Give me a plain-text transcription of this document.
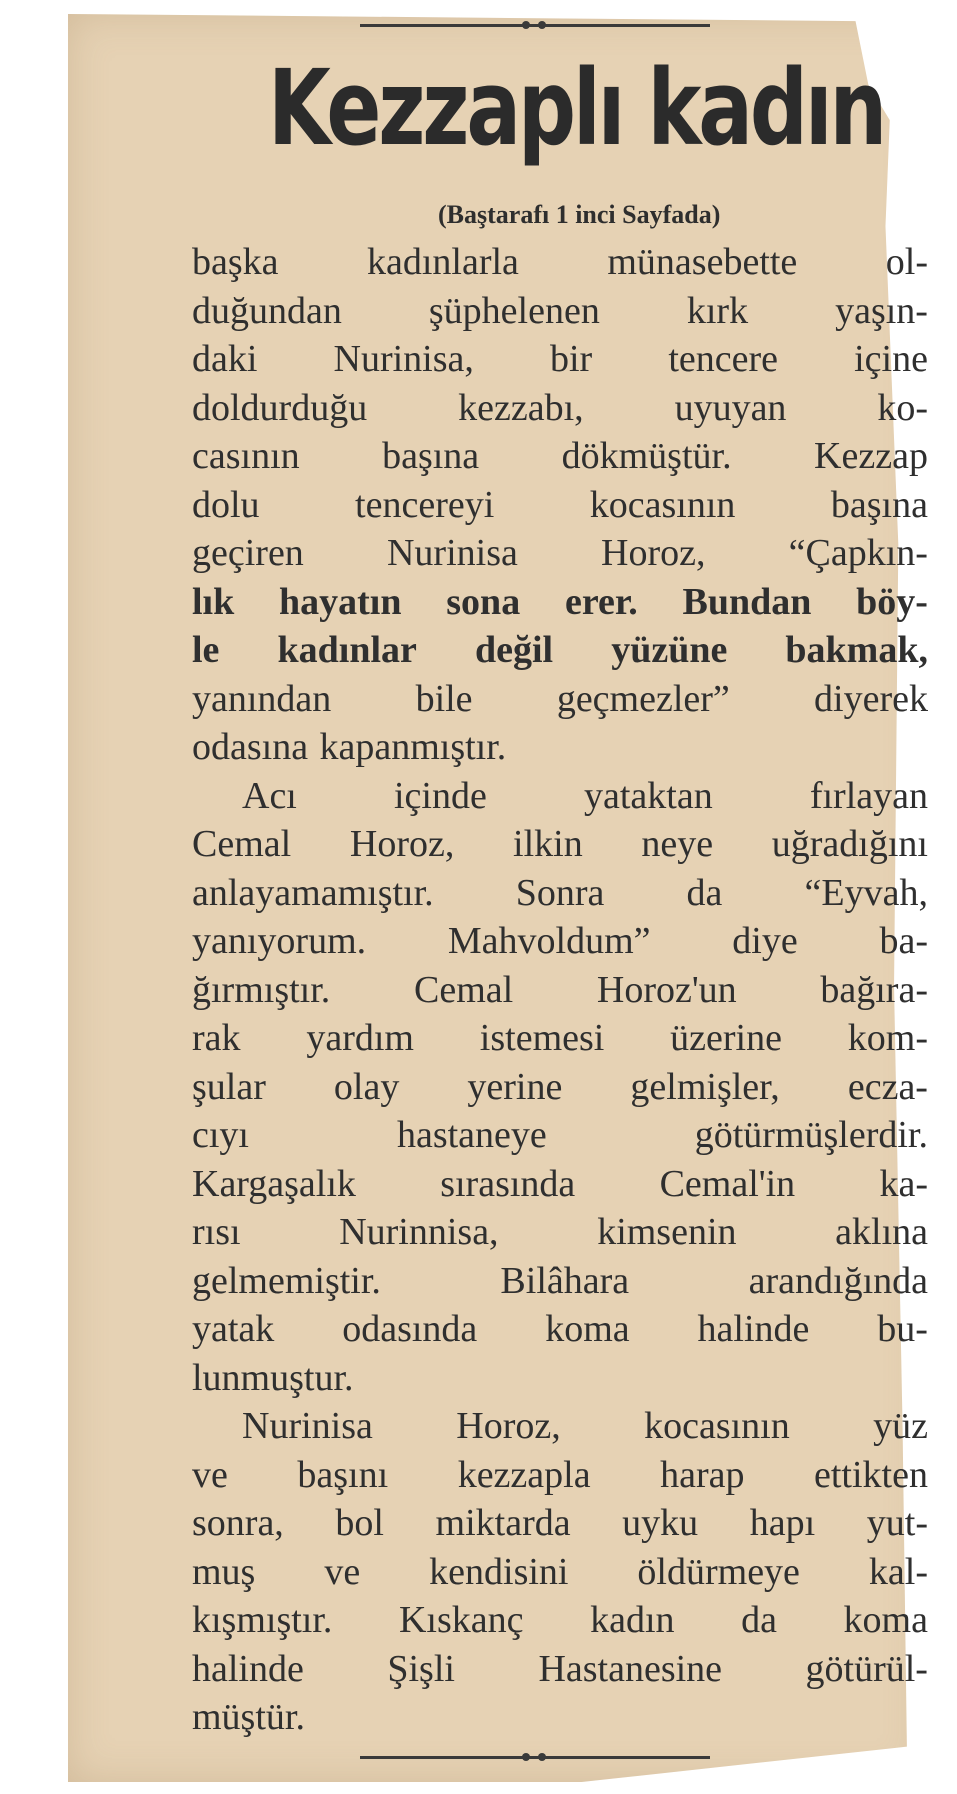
Kezzaplı kadın
(Baştarafı 1 inci Sayfada)
başka kadınlarla münasebette ol-
duğundan şüphelenen kırk yaşın-
daki Nurinisa, bir tencere içine
doldurduğu kezzabı, uyuyan ko-
casının başına dökmüştür. Kezzap
dolu	tencereyi	kocasının	başına
geçiren Nurinisa Horoz, “Çapkın-
lık hayatın sona erer. Bundan böy-
le kadınlar değil yüzüne bakmak,
yanından bile geçmezler” diyerek
odasına kapanmıştır.
Acı	içinde	yataktan	fırlayan
Cemal Horoz, ilkin neye uğradığını
anlayamamıştır. Sonra da “Eyvah,
yanıyorum. Mahvoldum” diye ba-
ğırmıştır. Cemal Horoz'un bağıra-
rak yardım istemesi üzerine kom-
şular olay yerine gelmişler, ecza-
cıyı	hastaneye	götürmüşlerdir.
Kargaşalık sırasında Cemal'in ka-
rısı	Nurinnisa,	kimsenin	aklına
gelmemiştir.	Bilâhara	arandığında
yatak odasında koma halinde bu-
lunmuştur.
Nurinisa Horoz, kocasının yüz
ve başını kezzapla harap ettikten
sonra, bol miktarda uyku hapı yut-
muş ve kendisini öldürmeye kal-
kışmıştır. Kıskanç kadın da koma
halinde Şişli Hastanesine götürül-
müştür.
